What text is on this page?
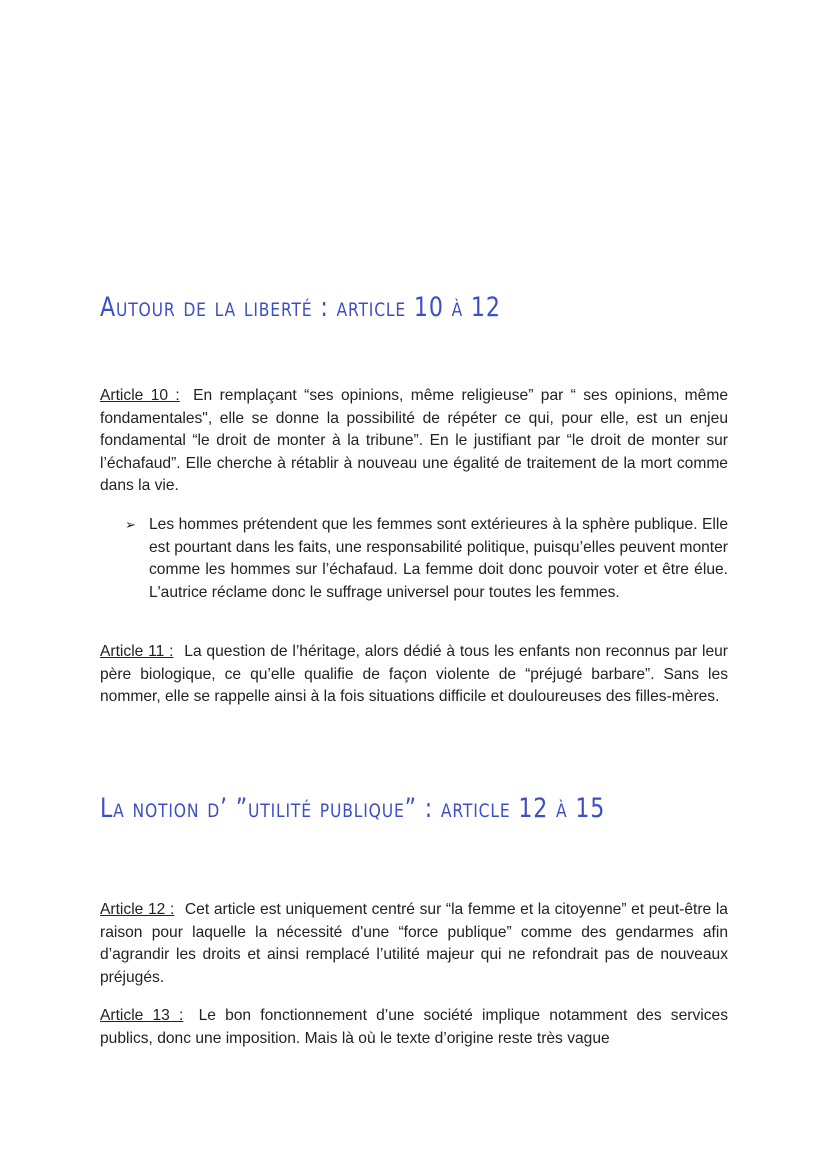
Autour de la liberté : article 10 à 12

Article 10 : En remplaçant “ses opinions, même religieuse” par “ ses opinions, même fondamentales", elle se donne la possibilité de répéter ce qui, pour elle, est un enjeu fondamental “le droit de monter à la tribune”. En le justifiant par “le droit de monter sur l’échafaud”. Elle cherche à rétablir à nouveau une égalité de traitement de la mort comme dans la vie.

➢ Les hommes prétendent que les femmes sont extérieures à la sphère publique. Elle est pourtant dans les faits, une responsabilité politique, puisqu’elles peuvent monter comme les hommes sur l’échafaud. La femme doit donc pouvoir voter et être élue. L'autrice réclame donc le suffrage universel pour toutes les femmes.

Article 11 : La question de l’héritage, alors dédié à tous les enfants non reconnus par leur père biologique, ce qu’elle qualifie de façon violente de “préjugé barbare”. Sans les nommer, elle se rappelle ainsi à la fois situations difficile et douloureuses des filles-mères.

La notion d’ ”utilité publique” : article 12 à 15

Article 12 : Cet article est uniquement centré sur “la femme et la citoyenne” et peut-être la raison pour laquelle la nécessité d'une “force publique” comme des gendarmes afin d’agrandir les droits et ainsi remplacé l’utilité majeur qui ne refondrait pas de nouveaux préjugés.

Article 13 : Le bon fonctionnement d’une société implique notamment des services publics, donc une imposition. Mais là où le texte d’origine reste très vague
